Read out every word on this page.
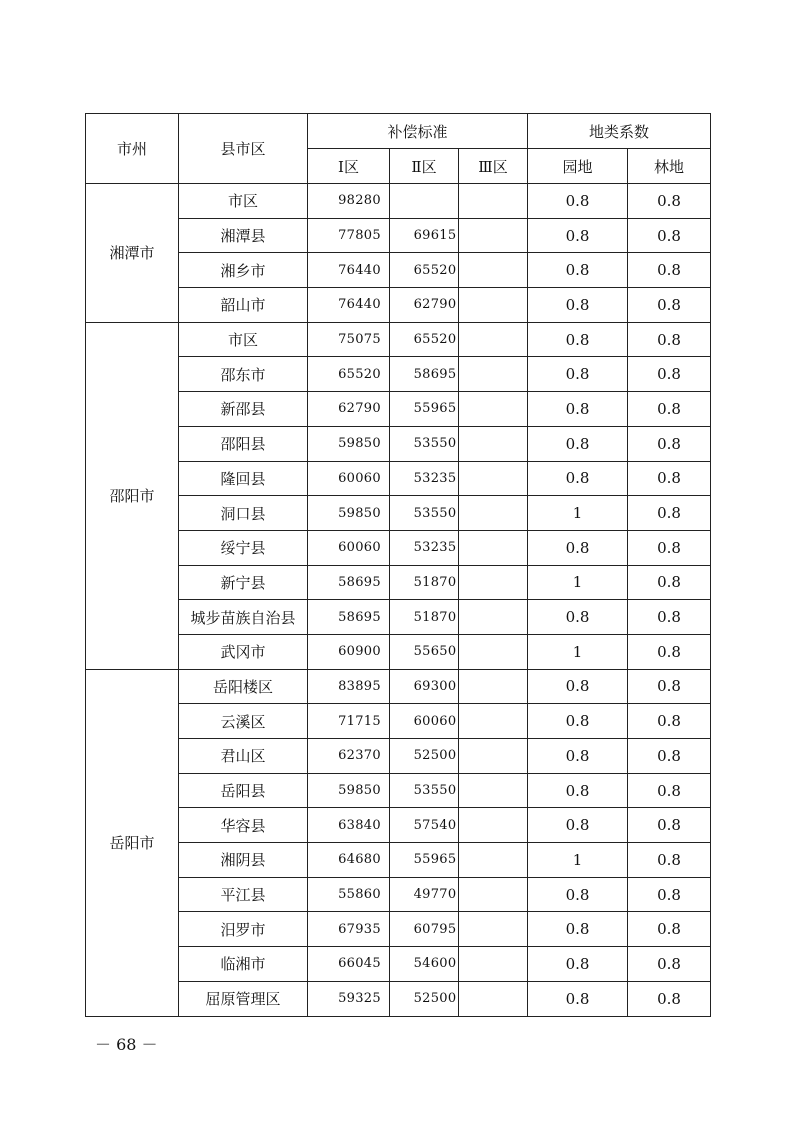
市州	县市区	补偿标准			地类系数	
		Ⅰ区	Ⅱ区	Ⅲ区	园地	林地
湘潭市	市区	98280			0.8	0.8
	湘潭县	77805	69615		0.8	0.8
	湘乡市	76440	65520		0.8	0.8
	韶山市	76440	62790		0.8	0.8
邵阳市	市区	75075	65520		0.8	0.8
	邵东市	65520	58695		0.8	0.8
	新邵县	62790	55965		0.8	0.8
	邵阳县	59850	53550		0.8	0.8
	隆回县	60060	53235		0.8	0.8
	洞口县	59850	53550		1	0.8
	绥宁县	60060	53235		0.8	0.8
	新宁县	58695	51870		1	0.8
	城步苗族自治县	58695	51870		0.8	0.8
	武冈市	60900	55650		1	0.8
岳阳市	岳阳楼区	83895	69300		0.8	0.8
	云溪区	71715	60060		0.8	0.8
	君山区	62370	52500		0.8	0.8
	岳阳县	59850	53550		0.8	0.8
	华容县	63840	57540		0.8	0.8
	湘阴县	64680	55965		1	0.8
	平江县	55860	49770		0.8	0.8
	汨罗市	67935	60795		0.8	0.8
	临湘市	66045	54600		0.8	0.8
	屈原管理区	59325	52500		0.8	0.8
－ 68 －
